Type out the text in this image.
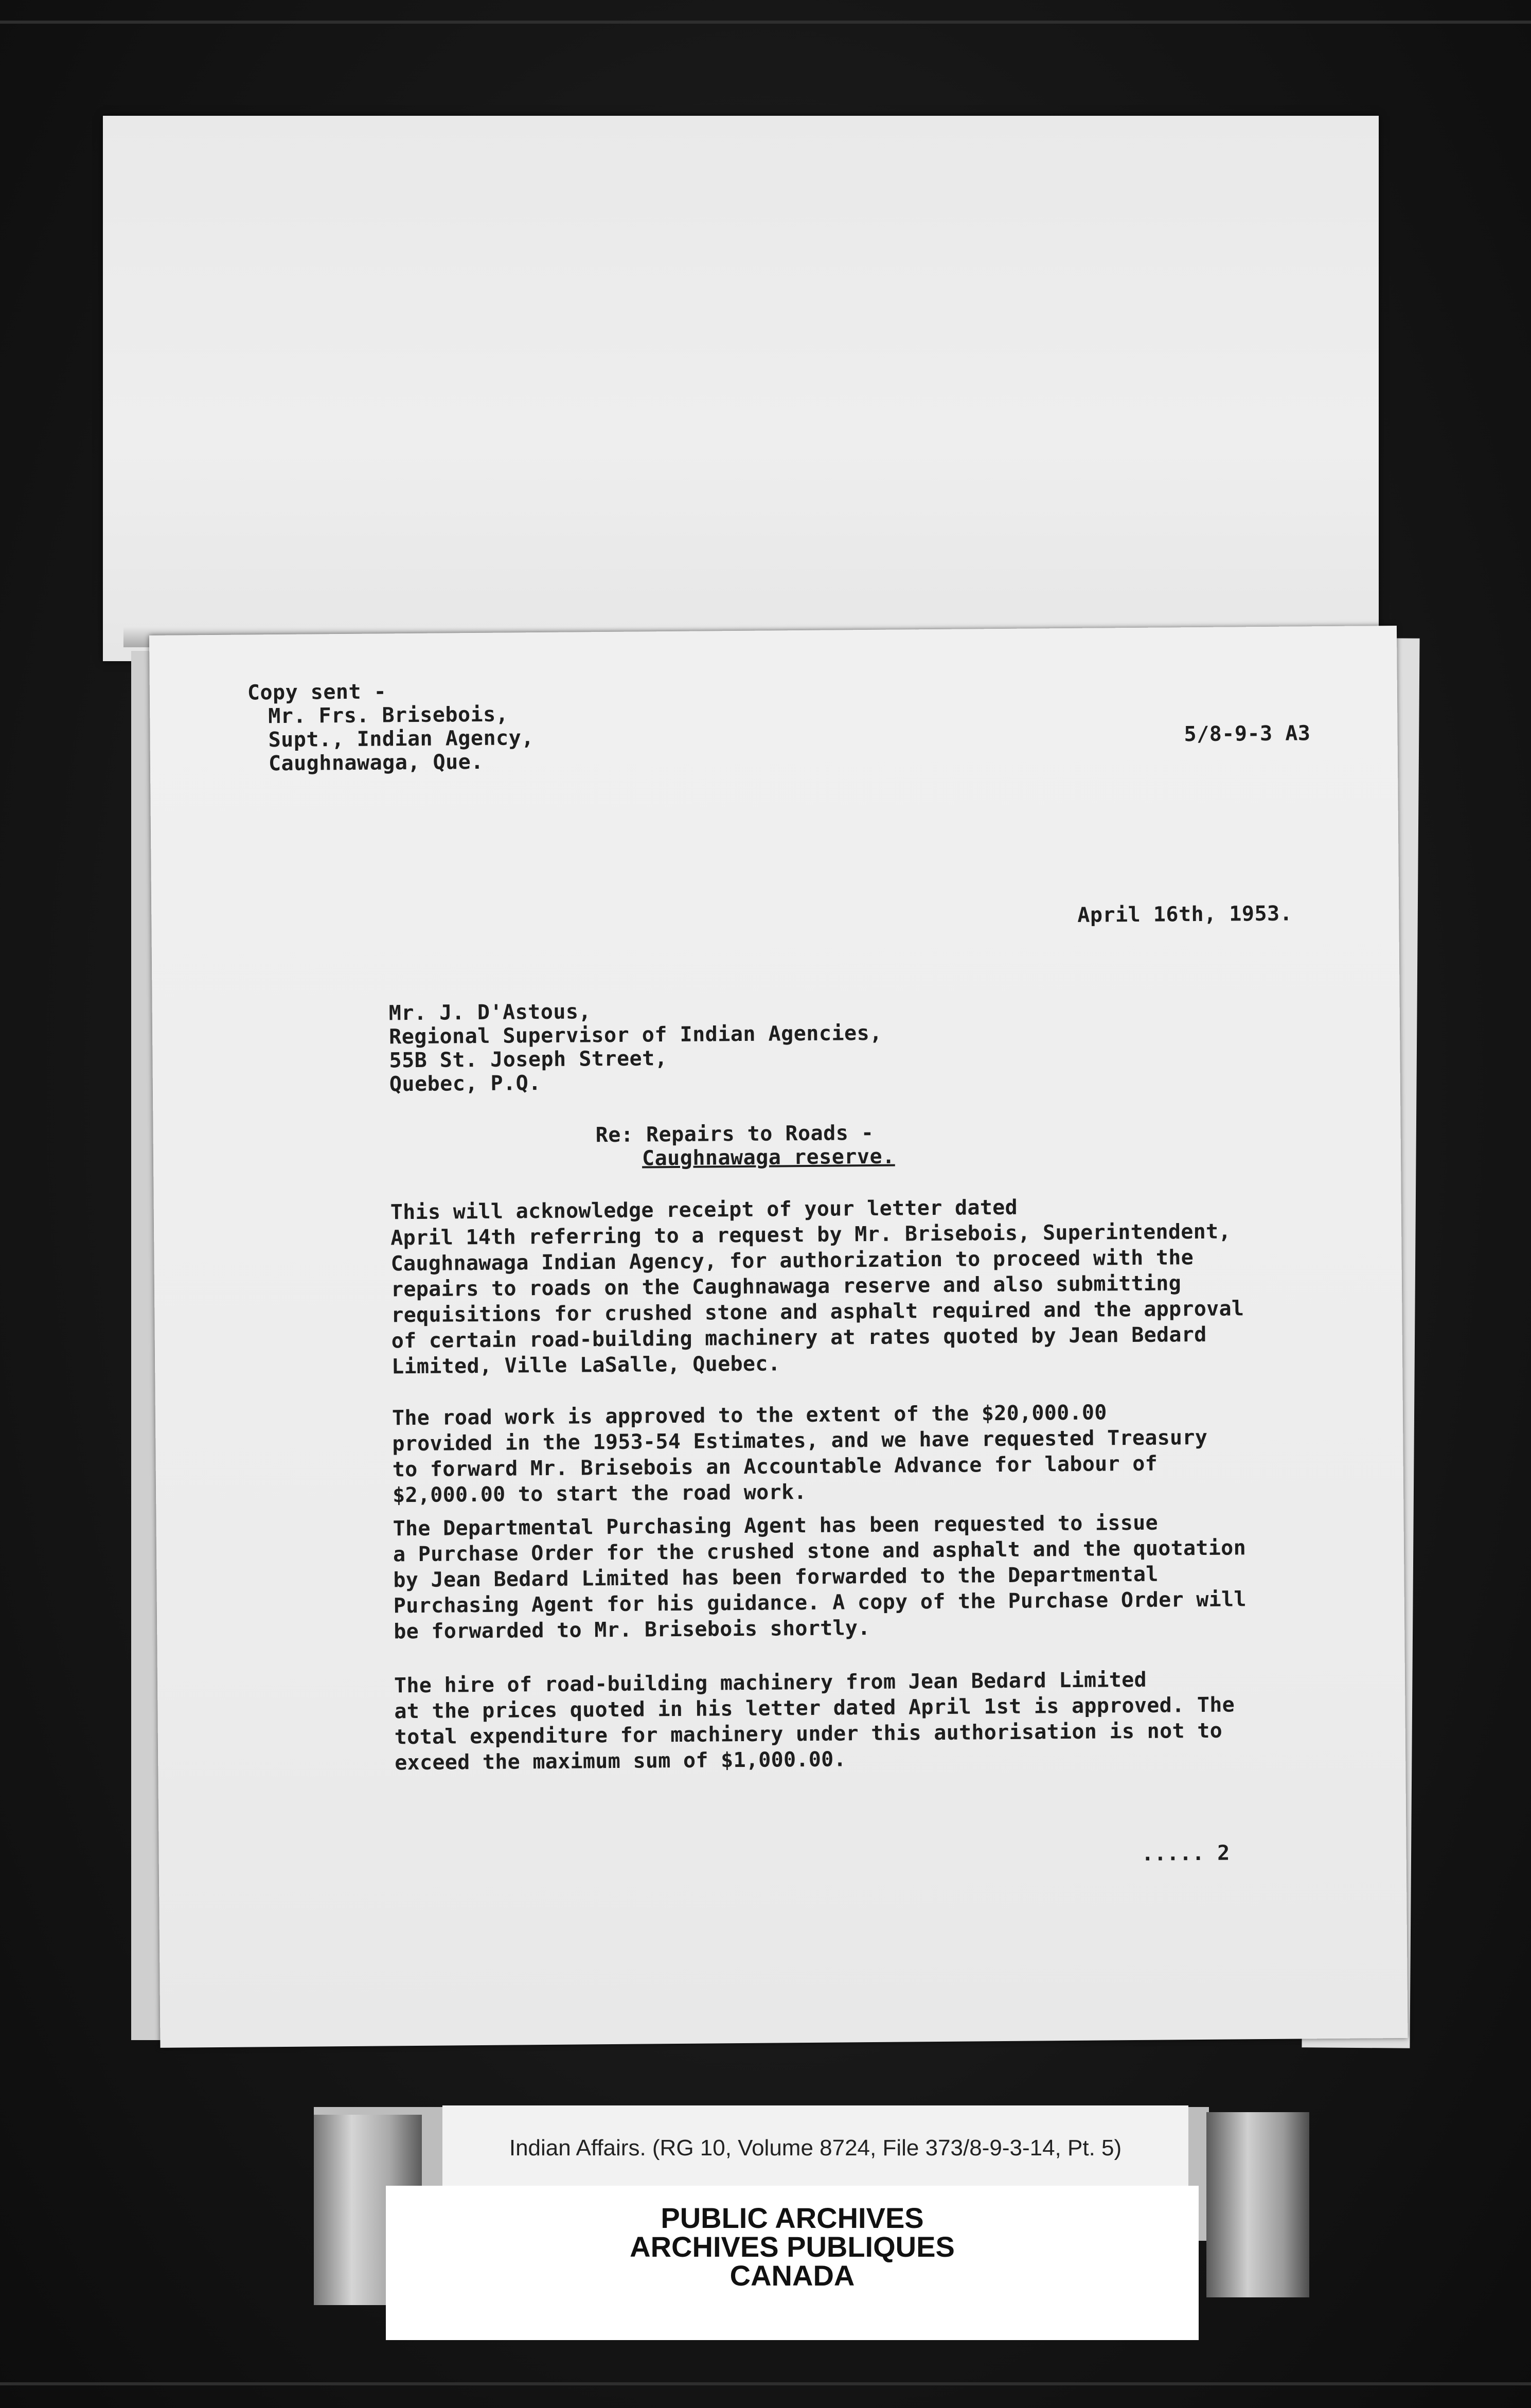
Copy sent -
Mr. Frs. Brisebois,
Supt., Indian Agency,
Caughnawaga, Que.
5/8-9-3 A3
April 16th, 1953.
Mr. J. D'Astous,
Regional Supervisor of Indian Agencies,
55B St. Joseph Street,
Quebec, P.Q.
Re: Repairs to Roads -
Caughnawaga reserve.
This will acknowledge receipt of your letter dated
April 14th referring to a request by Mr. Brisebois, Superintendent,
Caughnawaga Indian Agency, for authorization to proceed with the
repairs to roads on the Caughnawaga reserve and also submitting
requisitions for crushed stone and asphalt required and the approval
of certain road-building machinery at rates quoted by Jean Bedard
Limited, Ville LaSalle, Quebec.
The road work is approved to the extent of the $20,000.00
provided in the 1953-54 Estimates, and we have requested Treasury
to forward Mr. Brisebois an Accountable Advance for labour of
$2,000.00 to start the road work.
The Departmental Purchasing Agent has been requested to issue
a Purchase Order for the crushed stone and asphalt and the quotation
by Jean Bedard Limited has been forwarded to the Departmental
Purchasing Agent for his guidance. A copy of the Purchase Order will
be forwarded to Mr. Brisebois shortly.
The hire of road-building machinery from Jean Bedard Limited
at the prices quoted in his letter dated April 1st is approved. The
total expenditure for machinery under this authorisation is not to
exceed the maximum sum of $1,000.00.
..... 2
Indian Affairs. (RG 10, Volume 8724, File 373/8-9-3-14, Pt. 5)
PUBLIC ARCHIVES
ARCHIVES PUBLIQUES
CANADA
